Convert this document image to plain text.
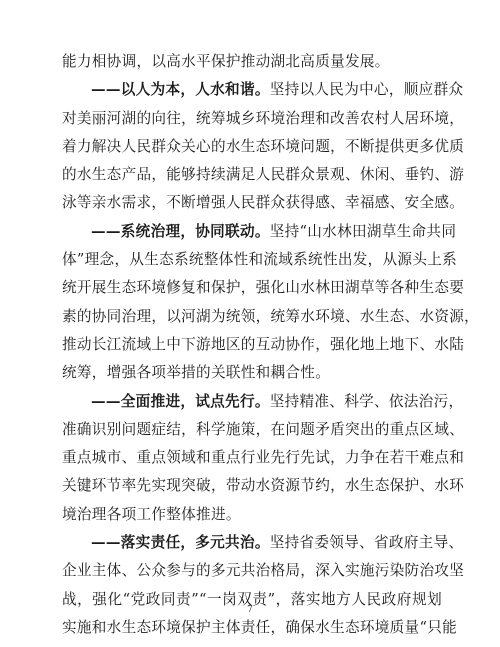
能力相协调，以高水平保护推动湖北高质量发展。
——以人为本，人水和谐。坚持以人民为中心，顺应群众
对美丽河湖的向往，统筹城乡环境治理和改善农村人居环境，
着力解决人民群众关心的水生态环境问题，不断提供更多优质
的水生态产品，能够持续满足人民群众景观、休闲、垂钓、游
泳等亲水需求，不断增强人民群众获得感、幸福感、安全感。
——系统治理，协同联动。坚持“山水林田湖草生命共同
体”理念，从生态系统整体性和流域系统性出发，从源头上系
统开展生态环境修复和保护，强化山水林田湖草等各种生态要
素的协同治理，以河湖为统领，统筹水环境、水生态、水资源，
推动长江流域上中下游地区的互动协作，强化地上地下、水陆
统筹，增强各项举措的关联性和耦合性。
——全面推进，试点先行。坚持精准、科学、依法治污，
准确识别问题症结，科学施策，在问题矛盾突出的重点区域、
重点城市、重点领域和重点行业先行先试，力争在若干难点和
关键环节率先实现突破，带动水资源节约，水生态保护、水环
境治理各项工作整体推进。
——落实责任，多元共治。坚持省委领导、省政府主导、
企业主体、公众参与的多元共治格局，深入实施污染防治攻坚
战，强化“党政同责”“一岗双责”，落实地方人民政府规划
实施和水生态环境保护主体责任，确保水生态环境质量“只能
7
